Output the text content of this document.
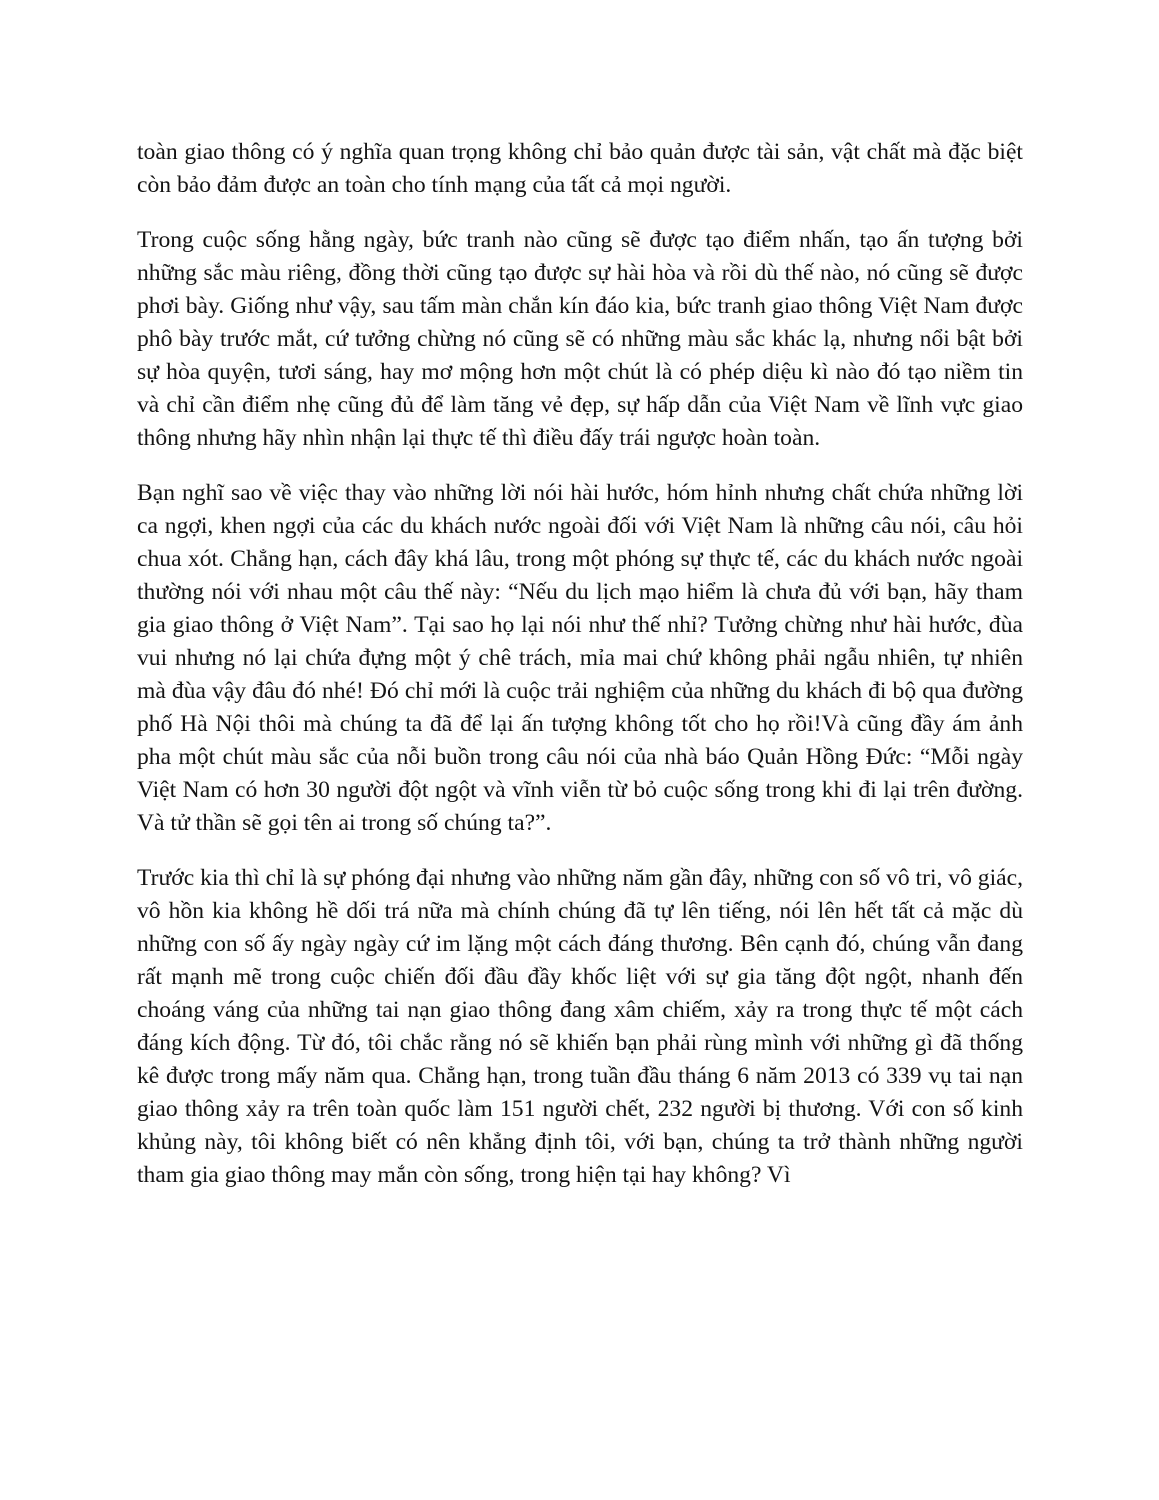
toàn giao thông có ý nghĩa quan trọng không chỉ bảo quản được tài sản, vật chất mà đặc biệt còn bảo đảm được an toàn cho tính mạng của tất cả mọi người.

Trong cuộc sống hằng ngày, bức tranh nào cũng sẽ được tạo điểm nhấn, tạo ấn tượng bởi những sắc màu riêng, đồng thời cũng tạo được sự hài hòa và rồi dù thế nào, nó cũng sẽ được phơi bày. Giống như vậy, sau tấm màn chắn kín đáo kia, bức tranh giao thông Việt Nam được phô bày trước mắt, cứ tưởng chừng nó cũng sẽ có những màu sắc khác lạ, nhưng nổi bật bởi sự hòa quyện, tươi sáng, hay mơ mộng hơn một chút là có phép diệu kì nào đó tạo niềm tin và chỉ cần điểm nhẹ cũng đủ để làm tăng vẻ đẹp, sự hấp dẫn của Việt Nam về lĩnh vực giao thông nhưng hãy nhìn nhận lại thực tế thì điều đấy trái ngược hoàn toàn.

Bạn nghĩ sao về việc thay vào những lời nói hài hước, hóm hỉnh nhưng chất chứa những lời ca ngợi, khen ngợi của các du khách nước ngoài đối với Việt Nam là những câu nói, câu hỏi chua xót. Chẳng hạn, cách đây khá lâu, trong một phóng sự thực tế, các du khách nước ngoài thường nói với nhau một câu thế này: “Nếu du lịch mạo hiểm là chưa đủ với bạn, hãy tham gia giao thông ở Việt Nam”. Tại sao họ lại nói như thế nhỉ? Tưởng chừng như hài hước, đùa vui nhưng nó lại chứa đựng một ý chê trách, mỉa mai chứ không phải ngẫu nhiên, tự nhiên mà đùa vậy đâu đó nhé! Đó chỉ mới là cuộc trải nghiệm của những du khách đi bộ qua đường phố Hà Nội thôi mà chúng ta đã để lại ấn tượng không tốt cho họ rồi!Và cũng đầy ám ảnh pha một chút màu sắc của nỗi buồn trong câu nói của nhà báo Quản Hồng Đức: “Mỗi ngày Việt Nam có hơn 30 người đột ngột và vĩnh viễn từ bỏ cuộc sống trong khi đi lại trên đường. Và tử thần sẽ gọi tên ai trong số chúng ta?”.

Trước kia thì chỉ là sự phóng đại nhưng vào những năm gần đây, những con số vô tri, vô giác, vô hồn kia không hề dối trá nữa mà chính chúng đã tự lên tiếng, nói lên hết tất cả mặc dù những con số ấy ngày ngày cứ im lặng một cách đáng thương. Bên cạnh đó, chúng vẫn đang rất mạnh mẽ trong cuộc chiến đối đầu đầy khốc liệt với sự gia tăng đột ngột, nhanh đến choáng váng của những tai nạn giao thông đang xâm chiếm, xảy ra trong thực tế một cách đáng kích động. Từ đó, tôi chắc rằng nó sẽ khiến bạn phải rùng mình với những gì đã thống kê được trong mấy năm qua. Chẳng hạn, trong tuần đầu tháng 6 năm 2013 có 339 vụ tai nạn giao thông xảy ra trên toàn quốc làm 151 người chết, 232 người bị thương. Với con số kinh khủng này, tôi không biết có nên khẳng định tôi, với bạn, chúng ta trở thành những người tham gia giao thông may mắn còn sống, trong hiện tại hay không? Vì
